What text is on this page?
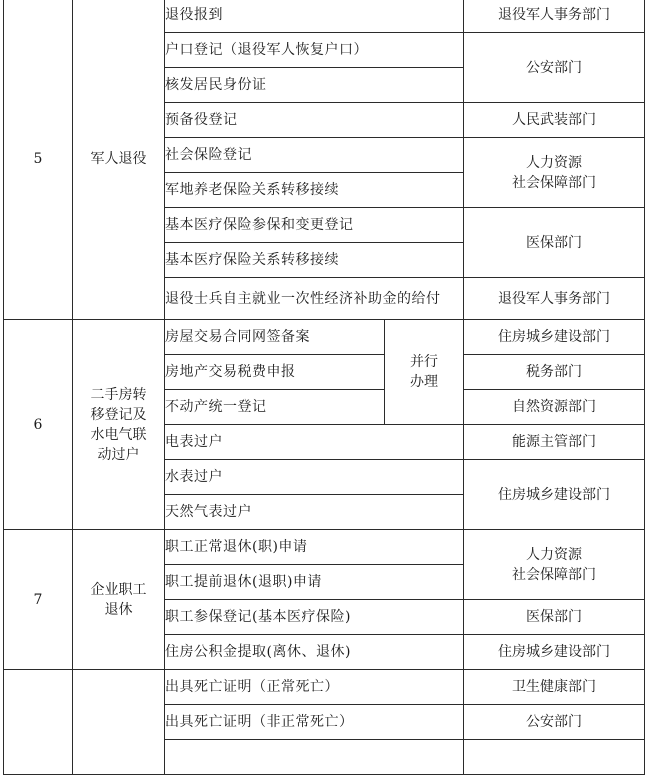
5	军人退役	退役报到		退役军人事务部门
		户口登记（退役军人恢复户口）		公安部门
		核发居民身份证		
		预备役登记		人民武装部门
		社会保险登记		人力资源
社会保障部门

		军地养老保险关系转移接续		
		基本医疗保险参保和变更登记		医保部门
		基本医疗保险关系转移接续		
		退役士兵自主就业一次性经济补助金的给付		退役军人事务部门
6	二手房转
移登记及
水电气联
动过户	房屋交易合同网签备案	并行
办理	住房城乡建设部门
		房地产交易税费申报		税务部门
		不动产统一登记		自然资源部门
		电表过户		能源主管部门
		水表过户		住房城乡建设部门
		天然气表过户		
7	企业职工
退休	职工正常退休(职)申请		人力资源
社会保障部门

		职工提前退休(退职)申请		
		职工参保登记(基本医疗保险)		医保部门
		住房公积金提取(离休、退休)		住房城乡建设部门
		出具死亡证明（正常死亡）		卫生健康部门
		出具死亡证明（非正常死亡）		公安部门
